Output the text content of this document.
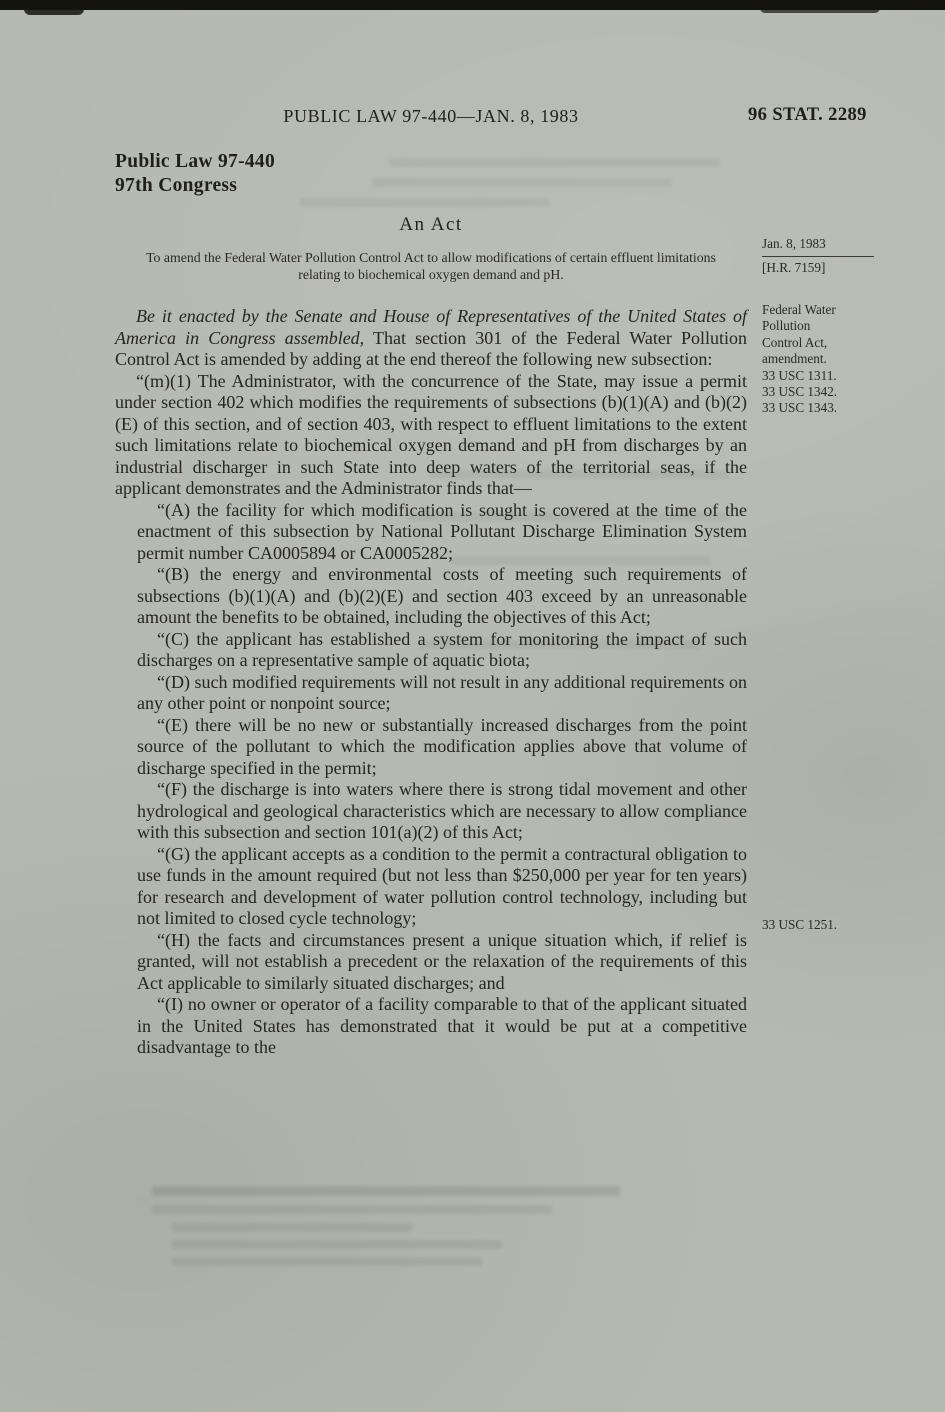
PUBLIC LAW 97-440—JAN. 8, 1983	96 STAT. 2289
Public Law 97-440
97th Congress
An Act
To amend the Federal Water Pollution Control Act to allow modifications of certain effluent limitations relating to biochemical oxygen demand and pH.

Be it enacted by the Senate and House of Representatives of the United States of America in Congress assembled, That section 301 of the Federal Water Pollution Control Act is amended by adding at the end thereof the following new subsection:

“(m)(1) The Administrator, with the concurrence of the State, may issue a permit under section 402 which modifies the requirements of subsections (b)(1)(A) and (b)(2)(E) of this section, and of section 403, with respect to effluent limitations to the extent such limitations relate to biochemical oxygen demand and pH from discharges by an industrial discharger in such State into deep waters of the territorial seas, if the applicant demonstrates and the Administrator finds that—

“(A) the facility for which modification is sought is covered at the time of the enactment of this subsection by National Pollutant Discharge Elimination System permit number CA0005894 or CA0005282;

“(B) the energy and environmental costs of meeting such requirements of subsections (b)(1)(A) and (b)(2)(E) and section 403 exceed by an unreasonable amount the benefits to be obtained, including the objectives of this Act;

“(C) the applicant has established a system for monitoring the impact of such discharges on a representative sample of aquatic biota;

“(D) such modified requirements will not result in any additional requirements on any other point or nonpoint source;

“(E) there will be no new or substantially increased discharges from the point source of the pollutant to which the modification applies above that volume of discharge specified in the permit;

“(F) the discharge is into waters where there is strong tidal movement and other hydrological and geological characteristics which are necessary to allow compliance with this subsection and section 101(a)(2) of this Act;

“(G) the applicant accepts as a condition to the permit a contractural obligation to use funds in the amount required (but not less than $250,000 per year for ten years) for research and development of water pollution control technology, including but not limited to closed cycle technology;

“(H) the facts and circumstances present a unique situation which, if relief is granted, will not establish a precedent or the relaxation of the requirements of this Act applicable to similarly situated discharges; and

“(I) no owner or operator of a facility comparable to that of the applicant situated in the United States has demonstrated that it would be put at a competitive disadvantage to the

Jan. 8, 1983
[H.R. 7159]
Federal Water
Pollution
Control Act,
amendment.
33 USC 1311.
33 USC 1342.
33 USC 1343.
33 USC 1251.
